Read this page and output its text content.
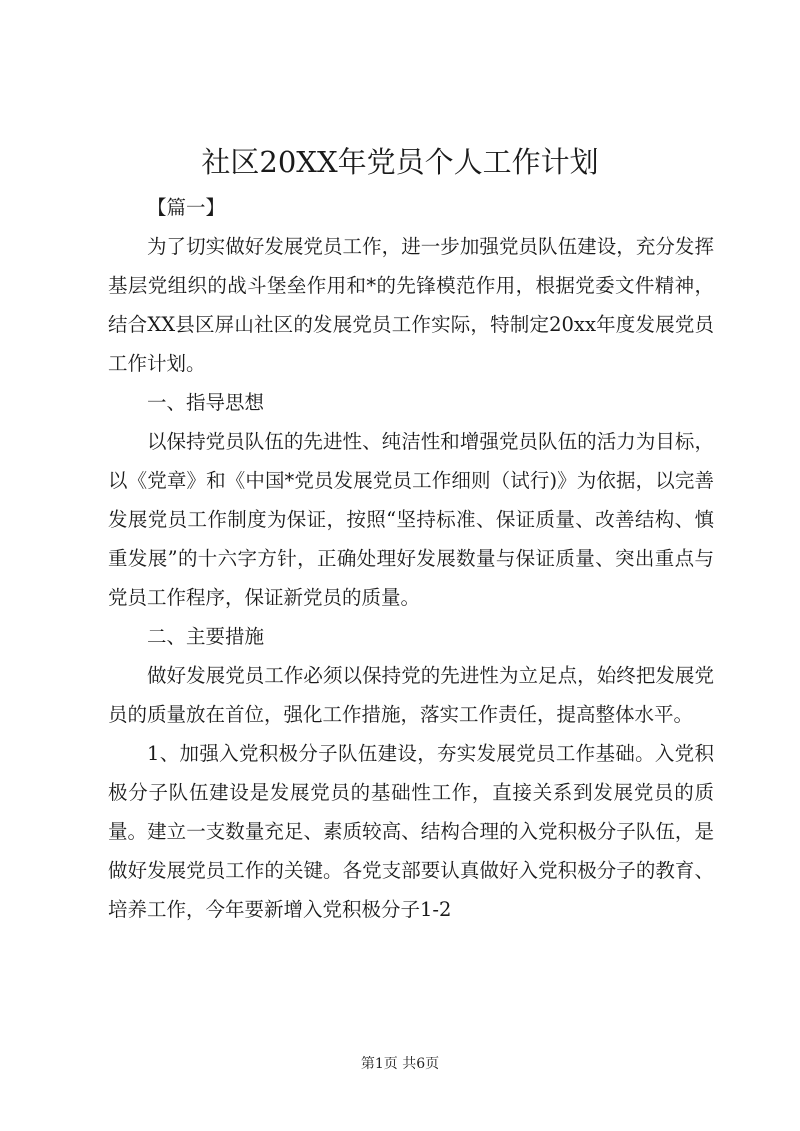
社区20XX年党员个人工作计划

【篇一】

为了切实做好发展党员工作，进一步加强党员队伍建设，充分发挥基层党组织的战斗堡垒作用和*的先锋模范作用，根据党委文件精神，结合XX县区屏山社区的发展党员工作实际，特制定20xx年度发展党员工作计划。

一、指导思想

以保持党员队伍的先进性、纯洁性和增强党员队伍的活力为目标，以《党章》和《中国*党员发展党员工作细则（试行)》为依据，以完善发展党员工作制度为保证，按照“坚持标准、保证质量、改善结构、慎重发展”的十六字方针，正确处理好发展数量与保证质量、突出重点与党员工作程序，保证新党员的质量。

二、主要措施

做好发展党员工作必须以保持党的先进性为立足点，始终把发展党员的质量放在首位，强化工作措施，落实工作责任，提高整体水平。

1、加强入党积极分子队伍建设，夯实发展党员工作基础。入党积极分子队伍建设是发展党员的基础性工作，直接关系到发展党员的质量。建立一支数量充足、素质较高、结构合理的入党积极分子队伍，是做好发展党员工作的关键。各党支部要认真做好入党积极分子的教育、培养工作，今年要新增入党积极分子1-2

第1页 共6页
